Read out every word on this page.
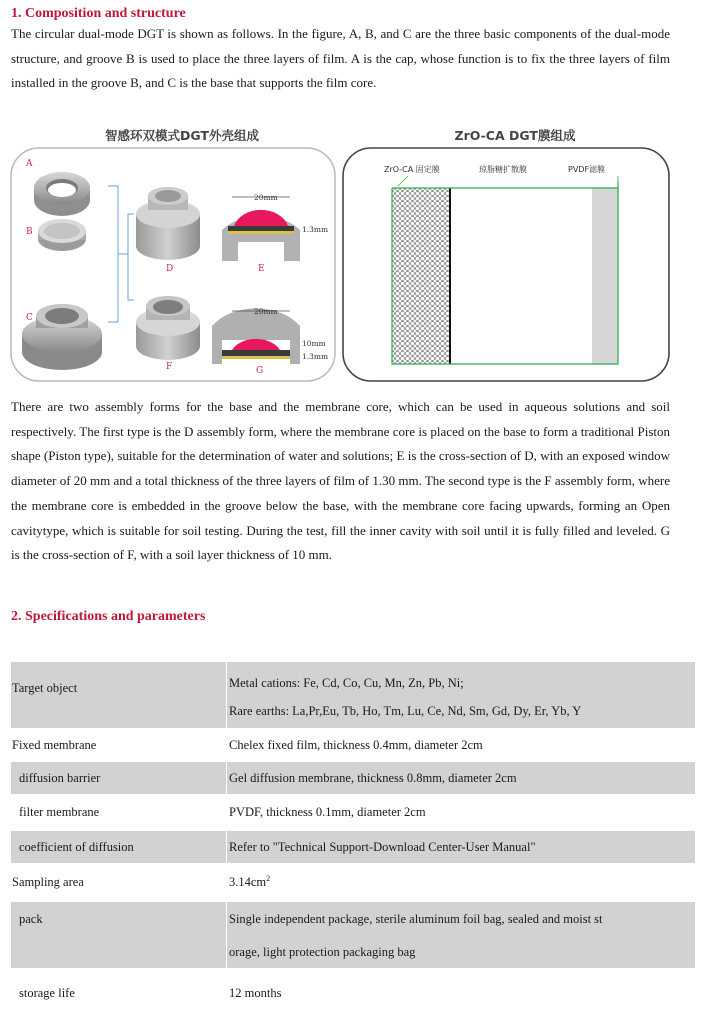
1. Composition and structure

The circular dual-mode DGT is shown as follows. In the figure, A, B, and C are the three basic components of the dual-mode structure, and groove B is used to place the three layers of film. A is the cap, whose function is to fix the three layers of film installed in the groove B, and C is the base that supports the film core.

智感环双模式DGT外壳组成	ZrO-CA DGT膜组成
A
B
C
D
20mm
1.3mm
E
F
20mm
10mm
1.3mm
G
ZrO-CA 固定膜	琼脂糖扩散膜	PVDF滤膜

There are two assembly forms for the base and the membrane core, which can be used in aqueous solutions and soil respectively. The first type is the D assembly form, where the membrane core is placed on the base to form a traditional Piston shape (Piston type), suitable for the determination of water and solutions; E is the cross-section of D, with an exposed window diameter of 20 mm and a total thickness of the three layers of film of 1.30 mm. The second type is the F assembly form, where the membrane core is embedded in the groove below the base, with the membrane core facing upwards, forming an Open cavitytype, which is suitable for soil testing. During the test, fill the inner cavity with soil until it is fully filled and leveled. G is the cross-section of F, with a soil layer thickness of 10 mm.

2. Specifications and parameters
Target object	Metal cations: Fe, Cd, Co, Cu, Mn, Zn, Pb, Ni;
Rare earths: La,Pr,Eu, Tb, Ho, Tm, Lu, Ce, Nd, Sm, Gd, Dy, Er, Yb, Y

Fixed membrane	Chelex fixed film, thickness 0.4mm, diameter 2cm
diffusion barrier	Gel diffusion membrane, thickness 0.8mm, diameter 2cm
filter membrane	PVDF, thickness 0.1mm, diameter 2cm
coefficient of diffusion	Refer to "Technical Support-Download Center-User Manual"
Sampling area	$3.14cm^2$
pack	Single independent package, sterile aluminum foil bag, sealed and moist st
orage, light protection packaging bag

storage life	12 months
